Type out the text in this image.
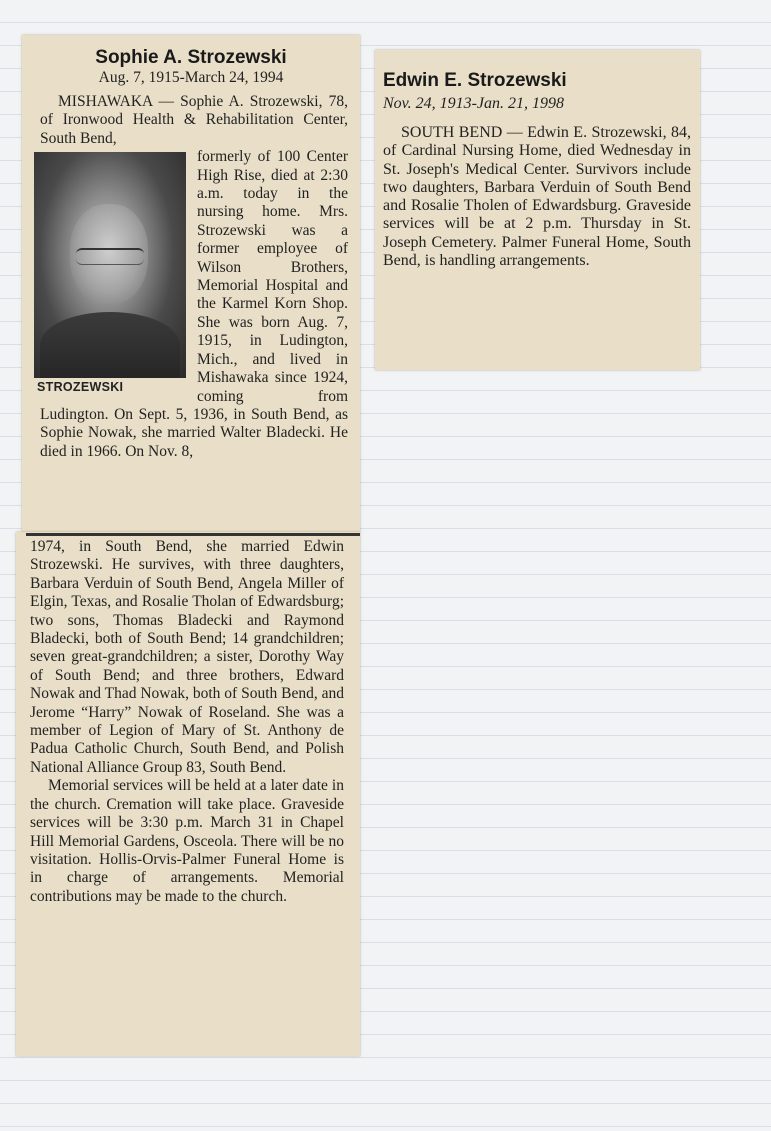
Sophie A. Strozewski
Aug. 7, 1915-March 24, 1994
MISHAWAKA — Sophie A. Strozewski, 78, of Ironwood Health & Rehabilitation Center, South Bend,
STROZEWSKI
formerly of 100 Center High Rise, died at 2:30 a.m. today in the nursing home. Mrs. Strozewski was a former employee of Wilson Brothers, Memorial Hospital and the Karmel Korn Shop. She was born Aug. 7, 1915, in Ludington, Mich., and lived in Mishawaka since 1924, coming from Ludington. On Sept. 5, 1936, in South Bend, as Sophie Nowak, she married Walter Bladecki. He died in 1966. On Nov. 8,
1974, in South Bend, she married Edwin Strozewski. He survives, with three daughters, Barbara Verduin of South Bend, Angela Miller of Elgin, Texas, and Rosalie Tholan of Edwardsburg; two sons, Thomas Bladecki and Raymond Bladecki, both of South Bend; 14 grandchildren; seven great-grandchildren; a sister, Dorothy Way of South Bend; and three brothers, Edward Nowak and Thad Nowak, both of South Bend, and Jerome “Harry” Nowak of Roseland. She was a member of Legion of Mary of St. Anthony de Padua Catholic Church, South Bend, and Polish National Alliance Group 83, South Bend.
Memorial services will be held at a later date in the church. Cremation will take place. Graveside services will be 3:30 p.m. March 31 in Chapel Hill Memorial Gardens, Osceola. There will be no visitation. Hollis-Orvis-Palmer Funeral Home is in charge of arrangements. Memorial contributions may be made to the church.
Edwin E. Strozewski
Nov. 24, 1913-Jan. 21, 1998
SOUTH BEND — Edwin E. Strozewski, 84, of Cardinal Nursing Home, died Wednesday in St. Joseph's Medical Center. Survivors include two daughters, Barbara Verduin of South Bend and Rosalie Tholen of Edwardsburg. Graveside services will be at 2 p.m. Thursday in St. Joseph Cemetery. Palmer Funeral Home, South Bend, is handling arrangements.
